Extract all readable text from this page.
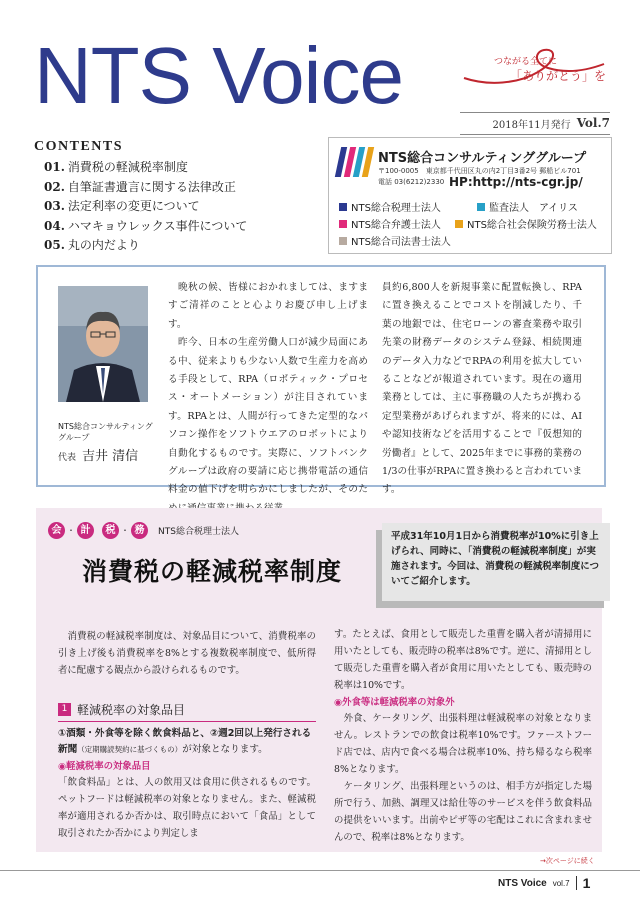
NTS Voice	つながる全てに
「ありがとう」を
2018年11月発行 Vol.7
CONTENTS
01. 消費税の軽減税率制度
02. 自筆証書遺言に関する法律改正
03. 法定利率の変更について
04. ハマキョウレックス事件について
05. 丸の内だより
NTS総合コンサルティンググループ
〒100-0005　東京都千代田区丸の内2丁目3番2号 郵船ビル701
電話 03(6212)2330 HP:http://nts-cgr.jp/
NTS総合税理士法人	監査法人　アイリス
NTS総合弁護士法人	NTS総合社会保険労務士法人
NTS総合司法書士法人
NTS総合コンサルティング
グループ
代表 吉井 清信
　晩秋の候、皆様におかれましては、ますますご清祥のことと心よりお慶び申し上げます。
　昨今、日本の生産労働人口が減少局面にある中、従来よりも少ない人数で生産力を高める手段として、RPA（ロボティック・プロセス・オートメーション）が注目されています。RPAとは、人間が行ってきた定型的なパソコン操作をソフトウエアのロボットにより自動化するものです。実際に、ソフトバンクグループは政府の要請に応じ携帯電話の通信料金の値下げを明らかにしましたが、そのた
員約6,800人を新規事業に配置転換し、RPAに置き換えることでコストを削減したり、千葉の地銀では、住宅ローンの審査業務や取引先業の財務データのシステム登録、相続関連のデータ入力などでRPAの利用を拡大していることなどが報道されています。現在の適用業務としては、主に事務職の人たちが携わる定型業務があげられますが、将来的には、AIや認知技術などを活用することで『仮想知的労働者』として、2025年までに事務的業務の1/3の仕事がRPAに置き換わると言われています。
会 ・ 計	税 ・ 務	NTS総合税理士法人
消費税の軽減税率制度
平成31年10月1日から消費税率が10%に引き上げられ、同時に、「消費税の軽減税率制度」が実施されます。今回は、消費税の軽減税率制度についてご紹介します。
　消費税の軽減税率制度は、対象品目について、消費税率の引き上げ後も消費税率を8%とする複数税率制度で、低所得者に配慮する観点から設けられるものです。
1 軽減税率の対象品目
①酒類・外食等を除く飲食料品と、②週2回以上発行される新聞（定期購読契約に基づくもの）が対象となります。
◉軽減税率の対象品目
「飲食料品」とは、人の飲用又は食用に供されるものです。ペットフードは軽減税率の対象となりません。また、軽減税率が適用されるか否かは、取引時点において「食品」として取引されたか否かにより判定しま
す。たとえば、食用として販売した重曹を購入者が清掃用に用いたとしても、販売時の税率は8%です。逆に、清掃用として販売した重曹を購入者が食用に用いたとしても、販売時の税率は10%です。
◉外食等は軽減税率の対象外
　外食、ケータリング、出張料理は軽減税率の対象となりません。レストランでの飲食は税率10%です。ファーストフード店では、店内で食べる場合は税率10%、持ち帰るなら税率8%となります。
　ケータリング、出張料理というのは、相手方が指定した場所で行う、加熱、調理又は給仕等のサービスを伴う飲食料品の提供をいいます。出前やピザ等の宅配はこれに含まれませんので、税率は8%となります。
→次ページに続く
NTS Voice vol.7 1
